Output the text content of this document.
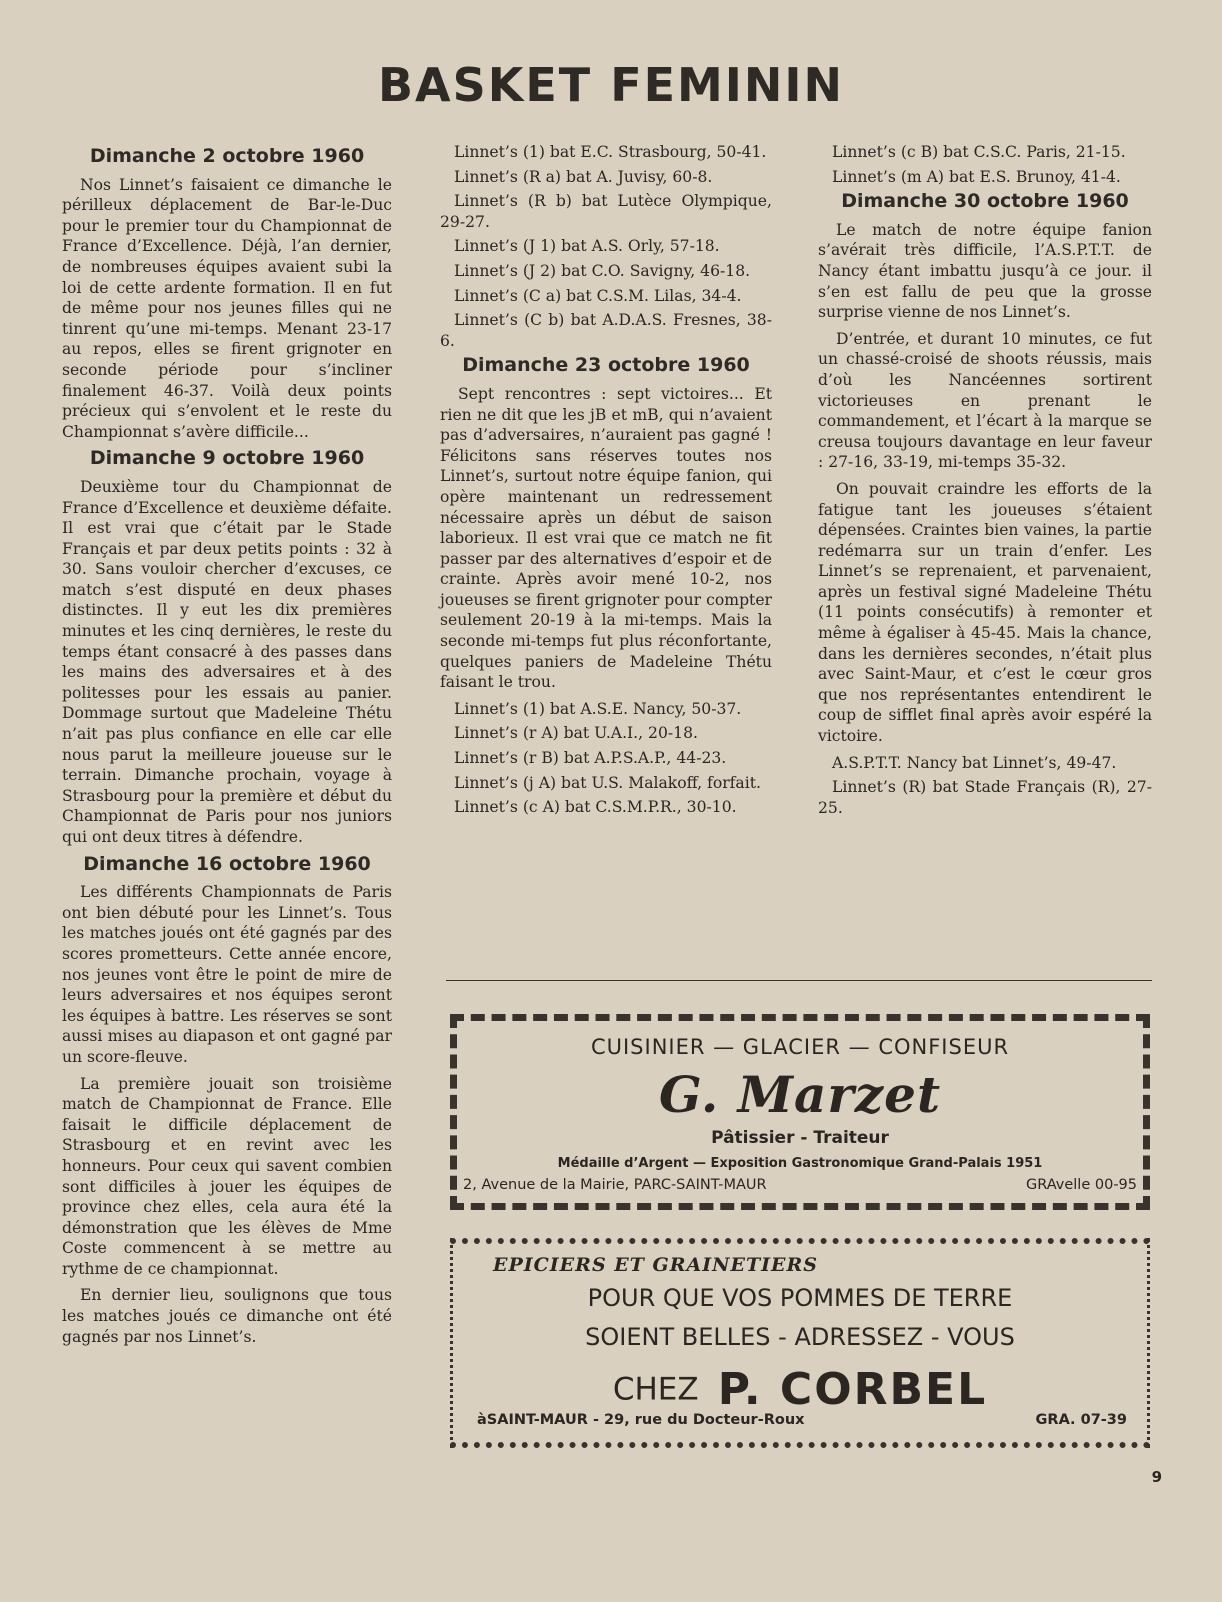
BASKET FEMININ
Dimanche 2 octobre 1960

Nos Linnet’s faisaient ce dimanche le périlleux déplacement de Bar-le-Duc pour le premier tour du Championnat de France d’Excellence. Déjà, l’an dernier, de nombreuses équipes avaient subi la loi de cette ardente formation. Il en fut de même pour nos jeunes filles qui ne tinrent qu’une mi-temps. Menant 23-17 au repos, elles se firent grignoter en seconde période pour s’incliner finalement 46-37. Voilà deux points précieux qui s’envolent et le reste du Championnat s’avère difficile...

Dimanche 9 octobre 1960

Deuxième tour du Championnat de France d’Excellence et deuxième défaite. Il est vrai que c’était par le Stade Français et par deux petits points : 32 à 30. Sans vouloir chercher d’excuses, ce match s’est disputé en deux phases distinctes. Il y eut les dix premières minutes et les cinq dernières, le reste du temps étant consacré à des passes dans les mains des adversaires et à des politesses pour les essais au panier. Dommage surtout que Madeleine Thétu n’ait pas plus confiance en elle car elle nous parut la meilleure joueuse sur le terrain. Dimanche prochain, voyage à Strasbourg pour la première et début du Championnat de Paris pour nos juniors qui ont deux titres à défendre.

Dimanche 16 octobre 1960

Les différents Championnats de Paris ont bien débuté pour les Linnet’s. Tous les matches joués ont été gagnés par des scores prometteurs. Cette année encore, nos jeunes vont être le point de mire de leurs adversaires et nos équipes seront les équipes à battre. Les réserves se sont aussi mises au diapason et ont gagné par un score-fleuve.

La première jouait son troisième match de Championnat de France. Elle faisait le difficile déplacement de Strasbourg et en revint avec les honneurs. Pour ceux qui savent combien sont difficiles à jouer les équipes de province chez elles, cela aura été la démonstration que les élèves de Mme Coste commencent à se mettre au rythme de ce championnat.

En dernier lieu, soulignons que tous les matches joués ce dimanche ont été gagnés par nos Linnet’s.

Linnet’s (1) bat E.C. Strasbourg, 50-41.

Linnet’s (R a) bat A. Juvisy, 60-8.

Linnet’s (R b) bat Lutèce Olympique, 29-27.

Linnet’s (J 1) bat A.S. Orly, 57-18.

Linnet’s (J 2) bat C.O. Savigny, 46-18.

Linnet’s (C a) bat C.S.M. Lilas, 34-4.

Linnet’s (C b) bat A.D.A.S. Fresnes, 38-6.

Dimanche 23 octobre 1960

Sept rencontres : sept victoires... Et rien ne dit que les jB et mB, qui n’avaient pas d’adversaires, n’auraient pas gagné ! Félicitons sans réserves toutes nos Linnet’s, surtout notre équipe fanion, qui opère maintenant un redressement nécessaire après un début de saison laborieux. Il est vrai que ce match ne fit passer par des alternatives d’espoir et de crainte. Après avoir mené 10-2, nos joueuses se firent grignoter pour compter seulement 20-19 à la mi-temps. Mais la seconde mi-temps fut plus réconfortante, quelques paniers de Madeleine Thétu faisant le trou.

Linnet’s (1) bat A.S.E. Nancy, 50-37.

Linnet’s (r A) bat U.A.I., 20-18.

Linnet’s (r B) bat A.P.S.A.P., 44-23.

Linnet’s (j A) bat U.S. Malakoff, forfait.

Linnet’s (c A) bat C.S.M.P.R., 30-10.

Linnet’s (c B) bat C.S.C. Paris, 21-15.

Linnet’s (m A) bat E.S. Brunoy, 41-4.

Dimanche 30 octobre 1960

Le match de notre équipe fanion s’avérait très difficile, l’A.S.P.T.T. de Nancy étant imbattu jusqu’à ce jour. il s’en est fallu de peu que la grosse surprise vienne de nos Linnet’s.

D’entrée, et durant 10 minutes, ce fut un chassé-croisé de shoots réussis, mais d’où les Nancéennes sortirent victorieuses en prenant le commandement, et l’écart à la marque se creusa toujours davantage en leur faveur : 27-16, 33-19, mi-temps 35-32.

On pouvait craindre les efforts de la fatigue tant les joueuses s’étaient dépensées. Craintes bien vaines, la partie redémarra sur un train d’enfer. Les Linnet’s se reprenaient, et parvenaient, après un festival signé Madeleine Thétu (11 points consécutifs) à remonter et même à égaliser à 45-45. Mais la chance, dans les dernières secondes, n’était plus avec Saint-Maur, et c’est le cœur gros que nos représentantes entendirent le coup de sifflet final après avoir espéré la victoire.

A.S.P.T.T. Nancy bat Linnet’s, 49-47.

Linnet’s (R) bat Stade Français (R), 27-25.

CUISINIER — GLACIER — CONFISEUR
G. Marzet
Pâtissier - Traiteur
Médaille d’Argent — Exposition Gastronomique Grand-Palais 1951
2, Avenue de la Mairie, PARC-SAINT-MAUR	GRAvelle 00-95
EPICIERS ET GRAINETIERS
POUR QUE VOS POMMES DE TERRE
SOIENT BELLES - ADRESSEZ - VOUS
CHEZ P. CORBEL
àSAINT-MAUR - 29, rue du Docteur-Roux	GRA. 07-39
9
